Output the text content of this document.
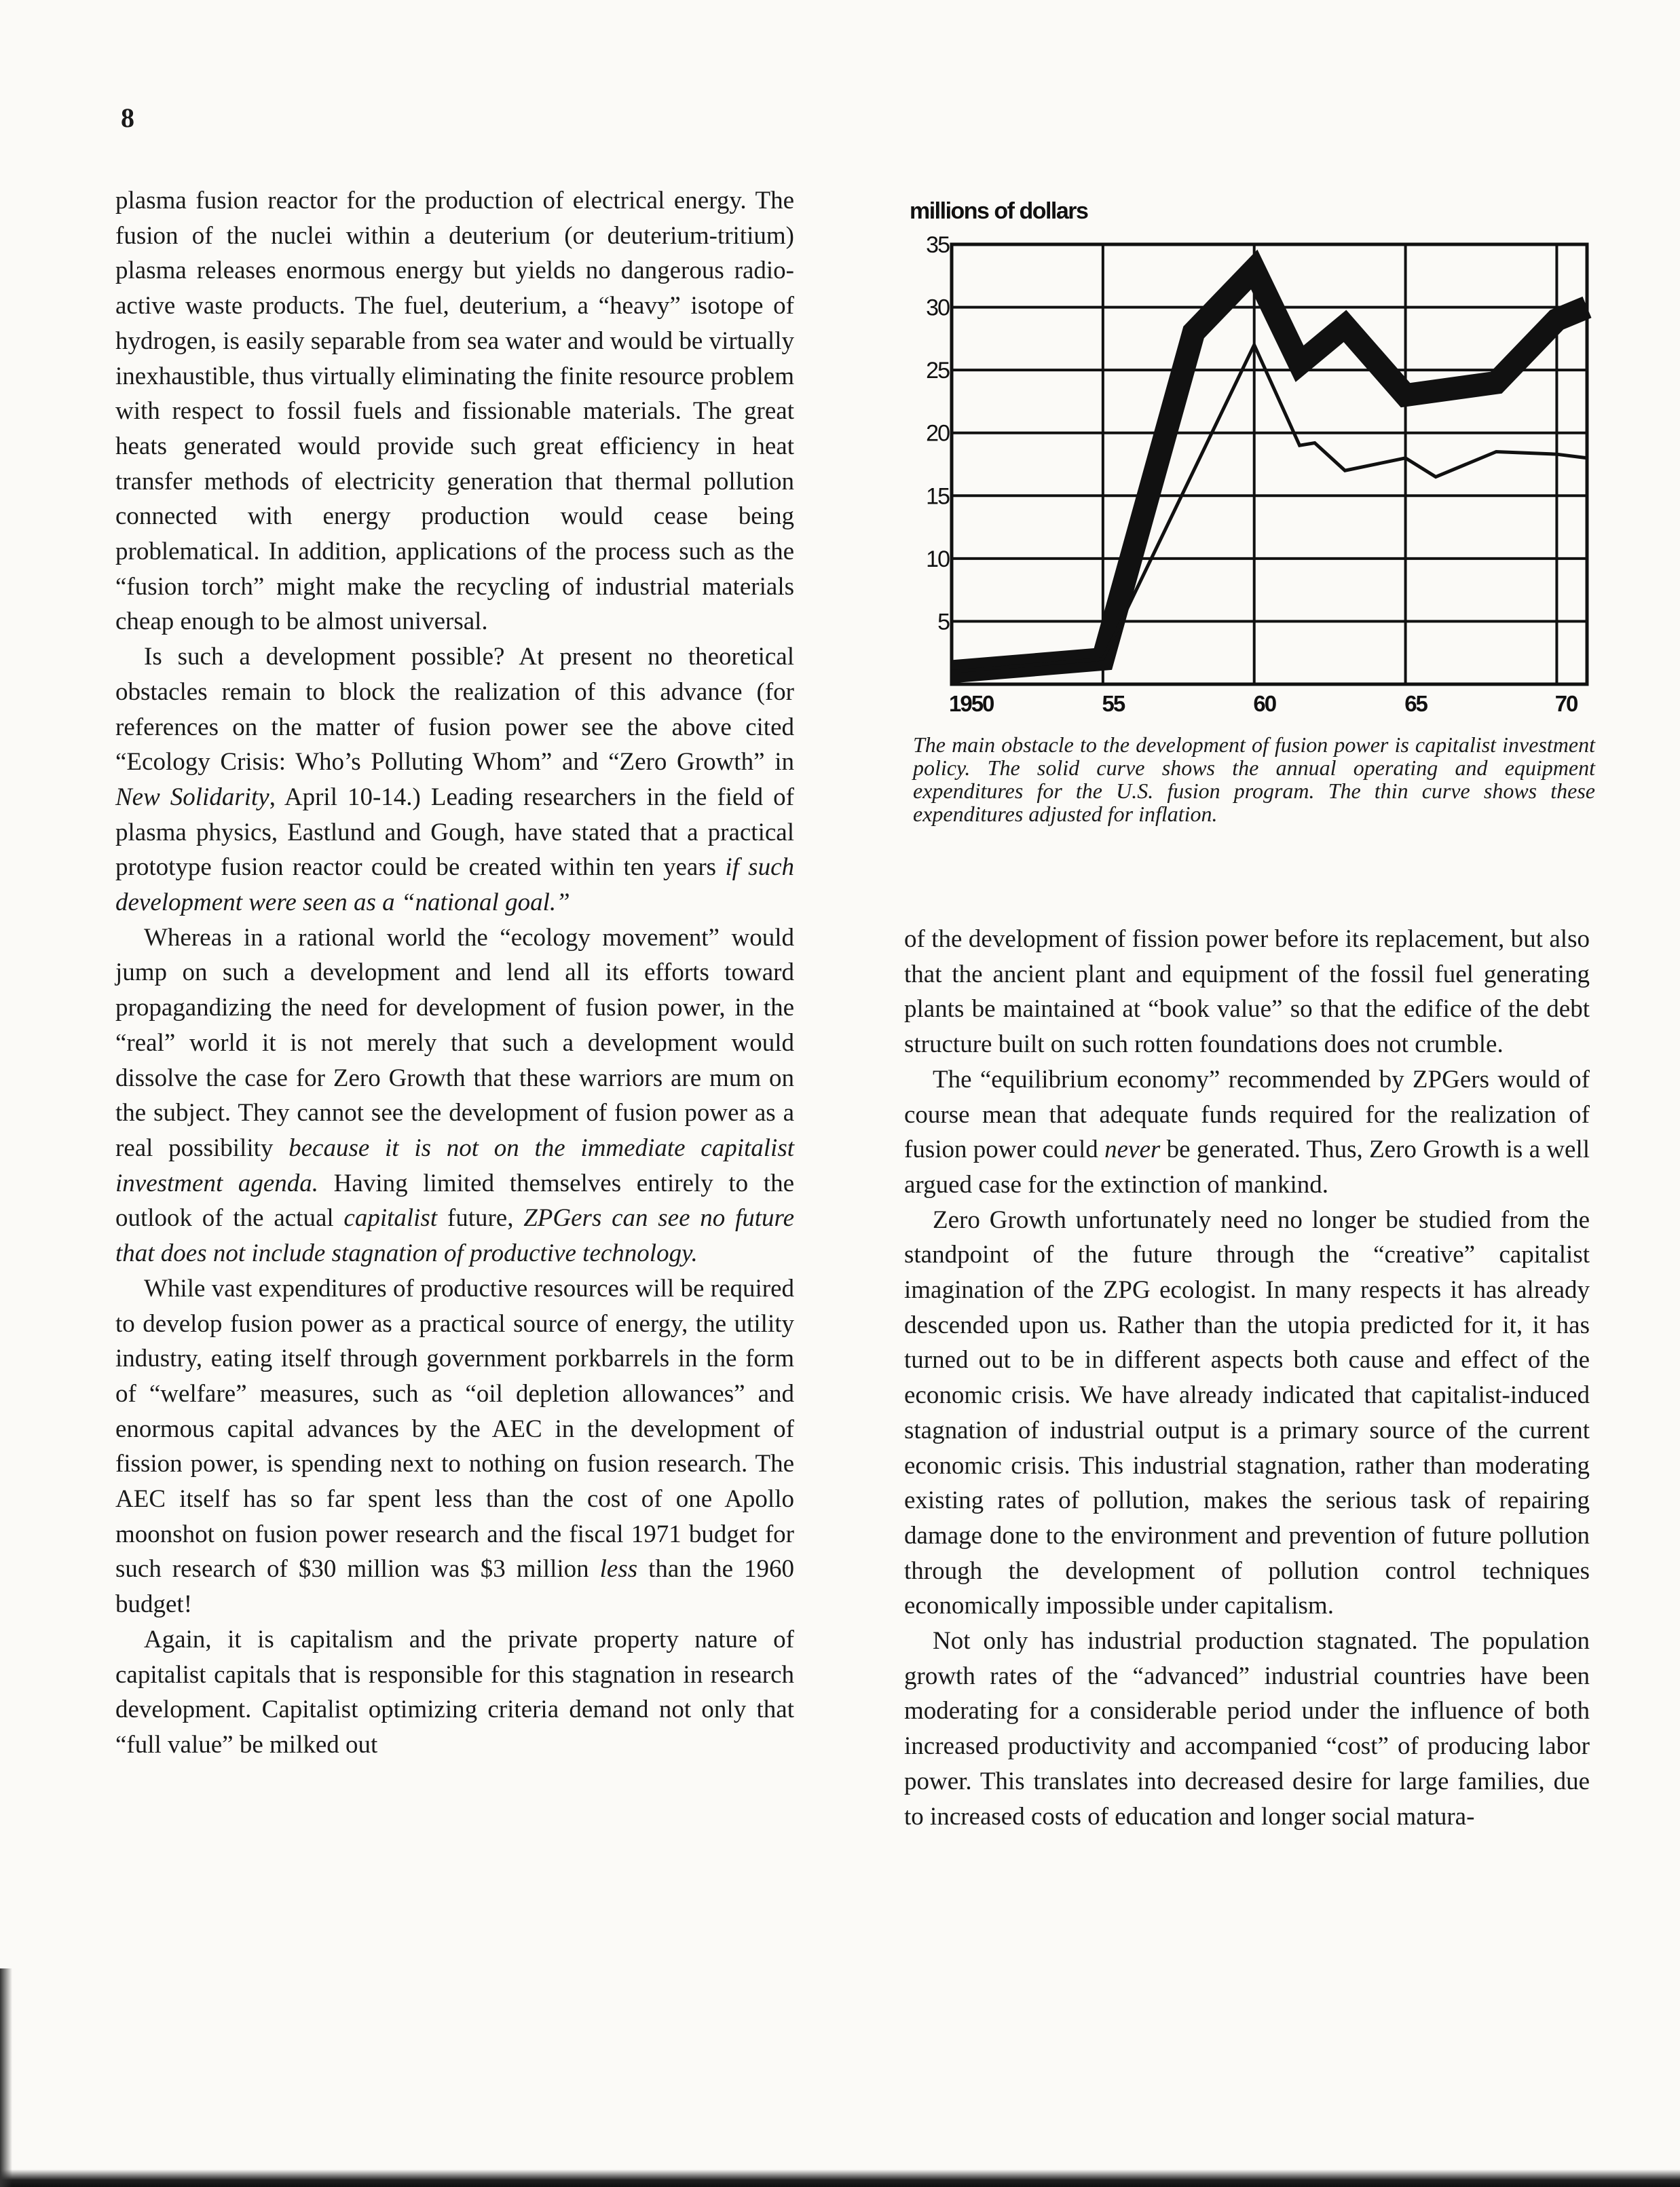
8

plasma fusion reactor for the production of electrical energy. The fusion of the nuclei within a deuterium (or deuterium-tritium) plasma releases enormous energy but yields no dangerous radio-active waste products. The fuel, deuterium, a “heavy” isotope of hydrogen, is easily separable from sea water and would be virtually inexhaustible, thus virtually eliminating the finite resource problem with respect to fossil fuels and fissionable materials. The great heats generated would provide such great efficiency in heat transfer methods of electricity generation that thermal pollution connected with energy production would cease being problematical. In addition, applications of the process such as the “fusion torch” might make the recycling of industrial materials cheap enough to be almost universal.

Is such a development possible? At present no theoretical obstacles remain to block the realization of this advance (for references on the matter of fusion power see the above cited “Ecology Crisis: Who’s Polluting Whom” and “Zero Growth” in New Solidarity, April 10-14.) Leading researchers in the field of plasma physics, Eastlund and Gough, have stated that a practical prototype fusion reactor could be created within ten years if such development were seen as a “national goal.”

Whereas in a rational world the “ecology movement” would jump on such a development and lend all its efforts toward propagandizing the need for development of fusion power, in the “real” world it is not merely that such a development would dissolve the case for Zero Growth that these warriors are mum on the subject. They cannot see the development of fusion power as a real possibility because it is not on the immediate capitalist investment agenda. Having limited themselves entirely to the outlook of the actual capitalist future, ZPGers can see no future that does not include stagnation of productive technology.

While vast expenditures of productive resources will be required to develop fusion power as a practical source of energy, the utility industry, eating itself through government porkbarrels in the form of “welfare” measures, such as “oil depletion allowances” and enormous capital advances by the AEC in the development of fission power, is spending next to nothing on fusion research. The AEC itself has so far spent less than the cost of one Apollo moonshot on fusion power research and the fiscal 1971 budget for such research of $30 million was $3 million less than the 1960 budget!

Again, it is capitalism and the private property nature of capitalist capitals that is responsible for this stagnation in research development. Capitalist optimizing criteria demand not only that “full value” be milked out

millions of dollars
5
10
15
20
25
30
35
1950	55	60	65	70
The main obstacle to the development of fusion power is capitalist investment policy. The solid curve shows the annual operating and equipment expenditures for the U.S. fusion program. The thin curve shows these expenditures adjusted for inflation.

of the development of fission power before its replacement, but also that the ancient plant and equipment of the fossil fuel generating plants be maintained at “book value” so that the edifice of the debt structure built on such rotten foundations does not crumble.

The “equilibrium economy” recommended by ZPGers would of course mean that adequate funds required for the realization of fusion power could never be generated. Thus, Zero Growth is a well argued case for the extinction of mankind.

Zero Growth unfortunately need no longer be studied from the standpoint of the future through the “creative” capitalist imagination of the ZPG ecologist. In many respects it has already descended upon us. Rather than the utopia predicted for it, it has turned out to be in different aspects both cause and effect of the economic crisis. We have already indicated that capitalist-induced stagnation of industrial output is a primary source of the current economic crisis. This industrial stagnation, rather than moderating existing rates of pollution, makes the serious task of repairing damage done to the environment and prevention of future pollution through the development of pollution control techniques economically impossible under capitalism.

Not only has industrial production stagnated. The population growth rates of the “advanced” industrial countries have been moderating for a considerable period under the influence of both increased productivity and accompanied “cost” of producing labor power. This translates into decreased desire for large families, due to increased costs of education and longer social matura-
